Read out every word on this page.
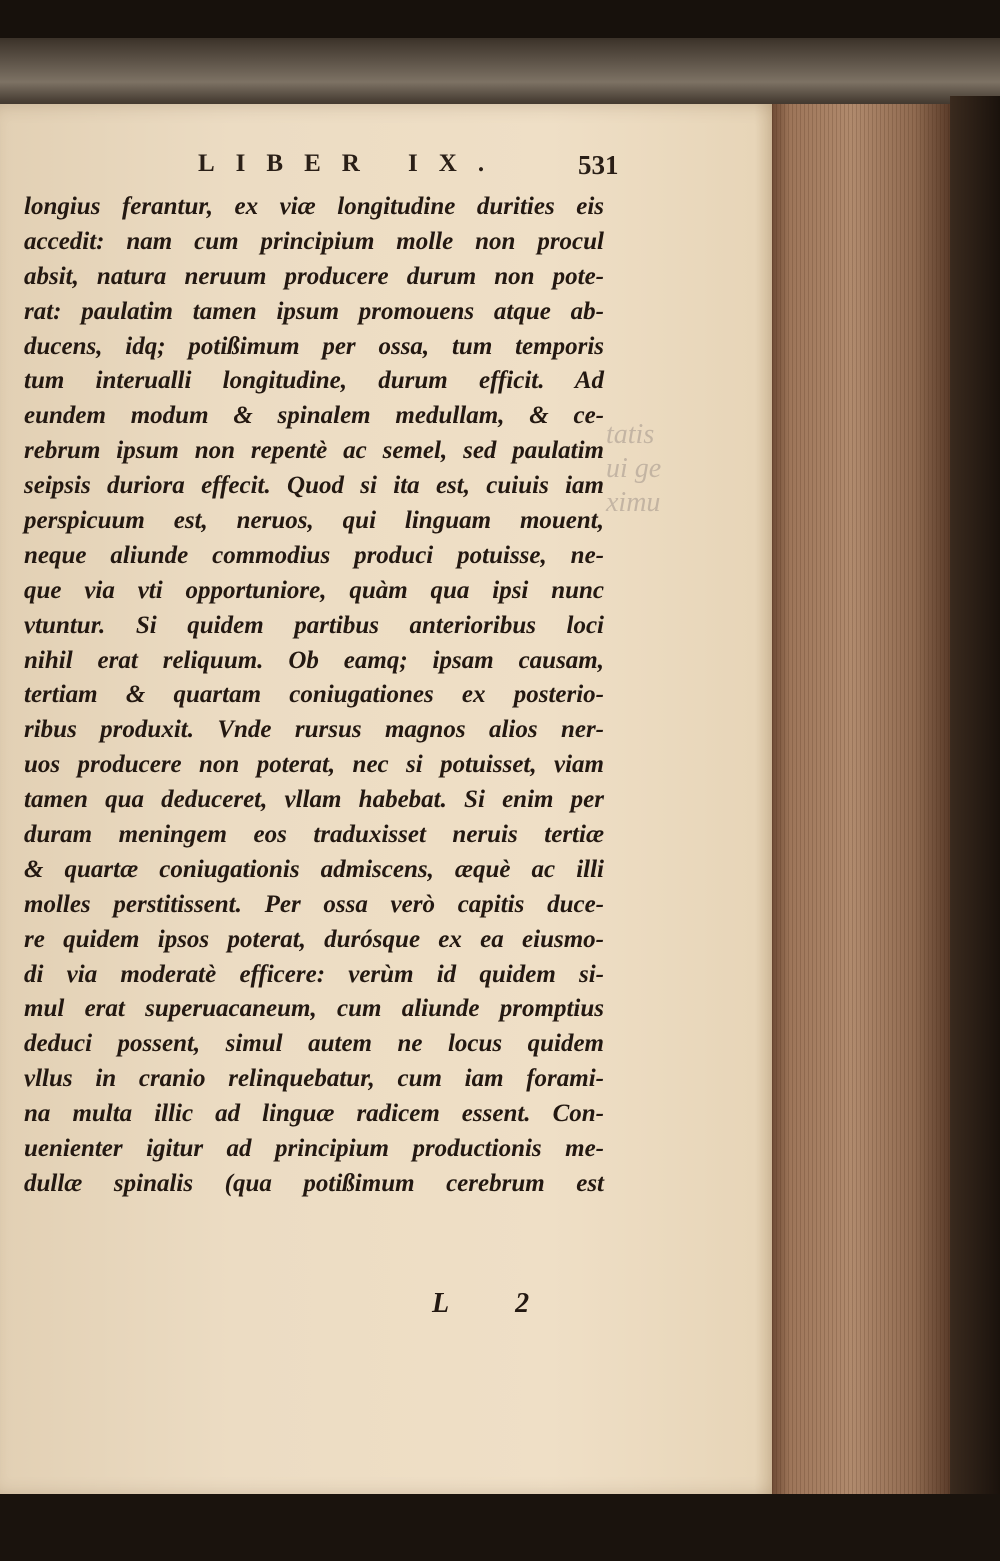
tatis
ui ge
ximu
LIBER IX.	531
longius ferantur, ex viæ longitudine durities eis
accedit: nam cum principium molle non procul
absit, natura neruum producere durum non pote-
rat: paulatim tamen ipsum promouens atque ab-
ducens, idq; potißimum per ossa, tum temporis
tum interualli longitudine, durum efficit. Ad
eundem modum & spinalem medullam, & ce-
rebrum ipsum non repentè ac semel, sed paulatim
seipsis duriora effecit. Quod si ita est, cuiuis iam
perspicuum est, neruos, qui linguam mouent,
neque aliunde commodius produci potuisse, ne-
que via vti opportuniore, quàm qua ipsi nunc
vtuntur. Si quidem partibus anterioribus loci
nihil erat reliquum. Ob eamq; ipsam causam,
tertiam & quartam coniugationes ex posterio-
ribus produxit. Vnde rursus magnos alios ner-
uos producere non poterat, nec si potuisset, viam
tamen qua deduceret, vllam habebat. Si enim per
duram meningem eos traduxisset neruis tertiæ
& quartæ coniugationis admiscens, æquè ac illi
molles perstitissent. Per ossa verò capitis duce-
re quidem ipsos poterat, durósque ex ea eiusmo-
di via moderatè efficere: verùm id quidem si-
mul erat superuacaneum, cum aliunde promptius
deduci possent, simul autem ne locus quidem
vllus in cranio relinquebatur, cum iam forami-
na multa illic ad linguæ radicem essent. Con-
uenienter igitur ad principium productionis me-
dullæ spinalis (qua potißimum cerebrum est
L 2
